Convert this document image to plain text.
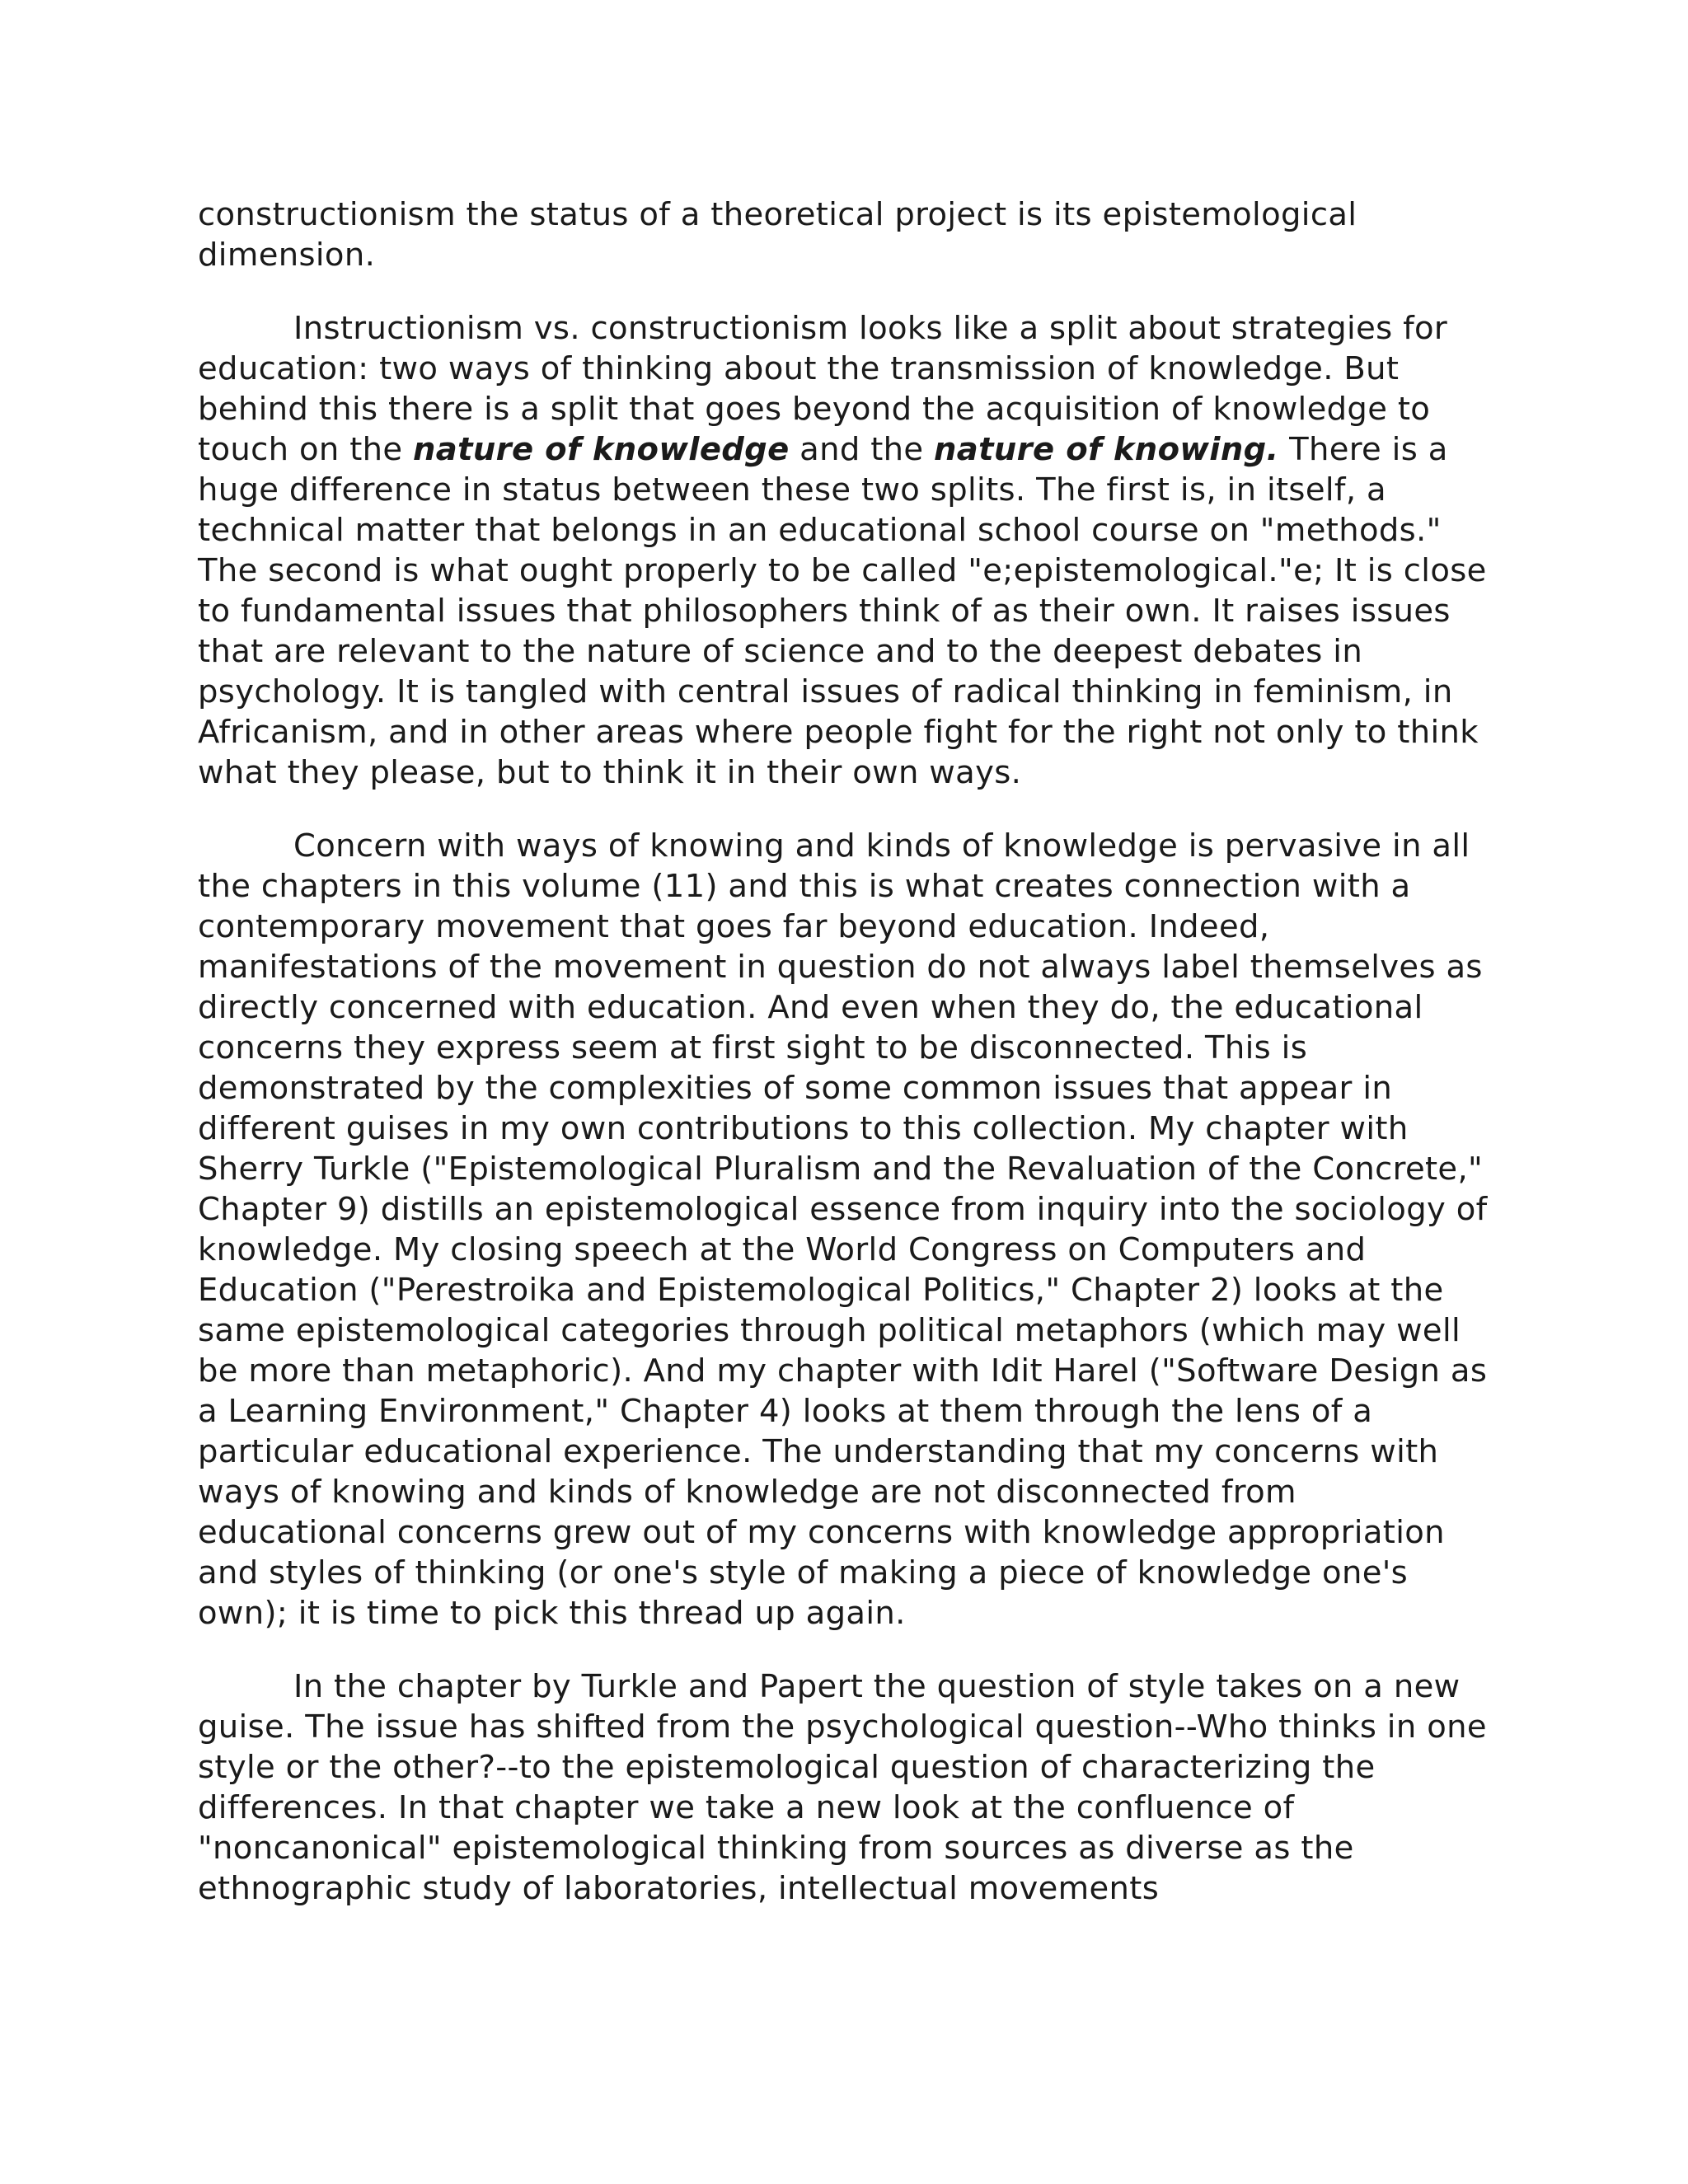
constructionism the status of a theoretical project is its epistemological dimension.

Instructionism vs. constructionism looks like a split about strategies for education: two ways of thinking about the transmission of knowledge. But behind this there is a split that goes beyond the acquisition of knowledge to touch on the nature of knowledge and the nature of knowing. There is a huge difference in status between these two splits. The first is, in itself, a technical matter that belongs in an educational school course on "methods." The second is what ought properly to be called "e;epistemological."e; It is close to fundamental issues that philosophers think of as their own. It raises issues that are relevant to the nature of science and to the deepest debates in psychology. It is tangled with central issues of radical thinking in feminism, in Africanism, and in other areas where people fight for the right not only to think what they please, but to think it in their own ways.

Concern with ways of knowing and kinds of knowledge is pervasive in all the chapters in this volume (11) and this is what creates connection with a contemporary movement that goes far beyond education. Indeed, manifestations of the movement in question do not always label themselves as directly concerned with education. And even when they do, the educational concerns they express seem at first sight to be disconnected. This is demonstrated by the complexities of some common issues that appear in different guises in my own contributions to this collection. My chapter with Sherry Turkle ("Epistemological Pluralism and the Revaluation of the Concrete," Chapter 9) distills an epistemological essence from inquiry into the sociology of knowledge. My closing speech at the World Congress on Computers and Education ("Perestroika and Epistemological Politics," Chapter 2) looks at the same epistemological categories through political metaphors (which may well be more than metaphoric). And my chapter with Idit Harel ("Software Design as a Learning Environment," Chapter 4) looks at them through the lens of a particular educational experience. The understanding that my concerns with ways of knowing and kinds of knowledge are not disconnected from educational concerns grew out of my concerns with knowledge appropriation and styles of thinking (or one's style of making a piece of knowledge one's own); it is time to pick this thread up again.

In the chapter by Turkle and Papert the question of style takes on a new guise. The issue has shifted from the psychological question--Who thinks in one style or the other?--to the epistemological question of characterizing the differences. In that chapter we take a new look at the confluence of "noncanonical" epistemological thinking from sources as diverse as the ethnographic study of laboratories, intellectual movements
